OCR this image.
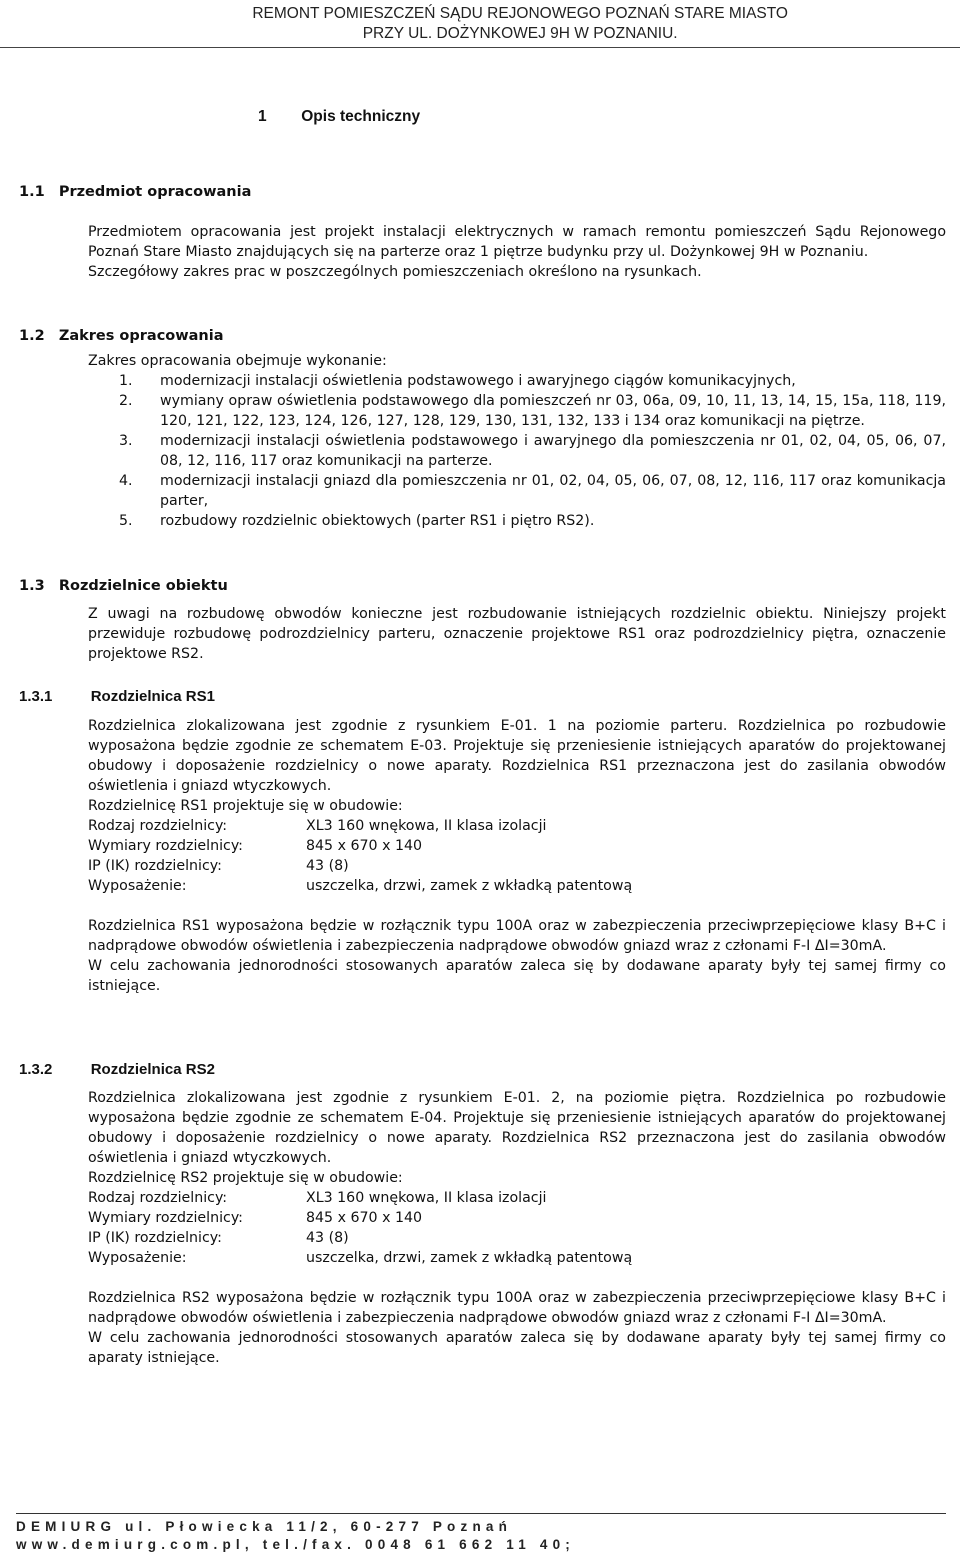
REMONT POMIESZCZEŃ SĄDU REJONOWEGO POZNAŃ STARE MIASTO
PRZY UL. DOŻYNKOWEJ 9H W POZNANIU.
1 Opis techniczny
1.1 Przedmiot opracowania
Przedmiotem opracowania jest projekt instalacji elektrycznych w ramach remontu pomieszczeń Sądu Rejonowego Poznań Stare Miasto znajdujących się na parterze oraz 1 piętrze budynku przy ul. Dożynkowej 9H w Poznaniu.
Szczegółowy zakres prac w poszczególnych pomieszczeniach określono na rysunkach.
1.2 Zakres opracowania
Zakres opracowania obejmuje wykonanie:
1. modernizacji instalacji oświetlenia podstawowego i awaryjnego ciągów komunikacyjnych,
2. wymiany opraw oświetlenia podstawowego dla pomieszczeń nr 03, 06a, 09, 10, 11, 13, 14, 15, 15a, 118, 119, 120, 121, 122, 123, 124, 126, 127, 128, 129, 130, 131, 132, 133 i 134 oraz komunikacji na piętrze.
3. modernizacji instalacji oświetlenia podstawowego i awaryjnego dla pomieszczenia nr 01, 02, 04, 05, 06, 07, 08, 12, 116, 117 oraz komunikacji na parterze.
4. modernizacji instalacji gniazd dla pomieszczenia nr 01, 02, 04, 05, 06, 07, 08, 12, 116, 117 oraz komunikacja parter,
5. rozbudowy rozdzielnic obiektowych (parter RS1 i piętro RS2).
1.3 Rozdzielnice obiektu
Z uwagi na rozbudowę obwodów konieczne jest rozbudowanie istniejących rozdzielnic obiektu. Niniejszy projekt przewiduje rozbudowę podrozdzielnicy parteru, oznaczenie projektowe RS1 oraz podrozdzielnicy piętra, oznaczenie projektowe RS2.
1.3.1	Rozdzielnica RS1
Rozdzielnica zlokalizowana jest zgodnie z rysunkiem E-01. 1 na poziomie parteru. Rozdzielnica po rozbudowie wyposażona będzie zgodnie ze schematem E-03. Projektuje się przeniesienie istniejących aparatów do projektowanej obudowy i doposażenie rozdzielnicy o nowe aparaty. Rozdzielnica RS1 przeznaczona jest do zasilania obwodów oświetlenia i gniazd wtyczkowych.
Rozdzielnicę RS1 projektuje się w obudowie:
Rodzaj rozdzielnicy:	XL3 160 wnękowa, II klasa izolacji
Wymiary rozdzielnicy:	845 x 670 x 140
IP (IK) rozdzielnicy:	43 (8)
Wyposażenie:	uszczelka, drzwi, zamek z wkładką patentową
Rozdzielnica RS1 wyposażona będzie w rozłącznik typu 100A oraz w zabezpieczenia przeciwprzepięciowe klasy B+C i nadprądowe obwodów oświetlenia i zabezpieczenia nadprądowe obwodów gniazd wraz z członami F-I ΔI=30mA.
W celu zachowania jednorodności stosowanych aparatów zaleca się by dodawane aparaty były tej samej firmy co istniejące.
1.3.2	Rozdzielnica RS2
Rozdzielnica zlokalizowana jest zgodnie z rysunkiem E-01. 2, na poziomie piętra. Rozdzielnica po rozbudowie wyposażona będzie zgodnie ze schematem E-04. Projektuje się przeniesienie istniejących aparatów do projektowanej obudowy i doposażenie rozdzielnicy o nowe aparaty. Rozdzielnica RS2 przeznaczona jest do zasilania obwodów oświetlenia i gniazd wtyczkowych.
Rozdzielnicę RS2 projektuje się w obudowie:
Rodzaj rozdzielnicy:	XL3 160 wnękowa, II klasa izolacji
Wymiary rozdzielnicy:	845 x 670 x 140
IP (IK) rozdzielnicy:	43 (8)
Wyposażenie:	uszczelka, drzwi, zamek z wkładką patentową
Rozdzielnica RS2 wyposażona będzie w rozłącznik typu 100A oraz w zabezpieczenia przeciwprzepięciowe klasy B+C i nadprądowe obwodów oświetlenia i zabezpieczenia nadprądowe obwodów gniazd wraz z członami F-I ΔI=30mA.
W celu zachowania jednorodności stosowanych aparatów zaleca się by dodawane aparaty były tej samej firmy co aparaty istniejące.
DEMIURG ul. Płowiecka 11/2, 60-277 Poznań
www.demiurg.com.pl, tel./fax. 0048 61 662 11 40;
